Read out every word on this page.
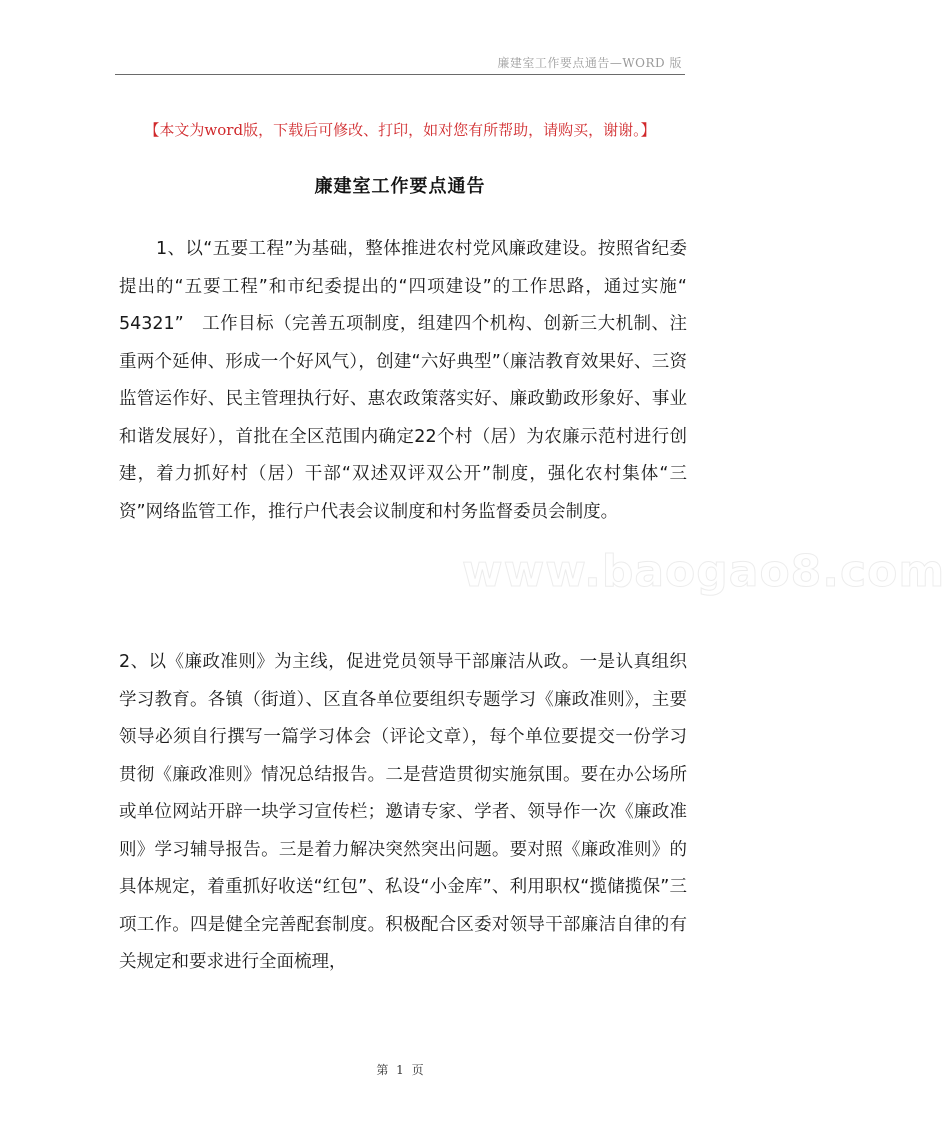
廉建室工作要点通告—WORD 版
【本文为word版，下载后可修改、打印，如对您有所帮助，请购买，谢谢。】
廉建室工作要点通告
1、以“五要工程”为基础，整体推进农村党风廉政建设。按照省纪委提出的“五要工程”和市纪委提出的“四项建设”的工作思路，通过实施“　54321”　工作目标（完善五项制度，组建四个机构、创新三大机制、注重两个延伸、形成一个好风气），创建“六好典型”（廉洁教育效果好、三资监管运作好、民主管理执行好、惠农政策落实好、廉政勤政形象好、事业和谐发展好），首批在全区范围内确定22个村（居）为农廉示范村进行创建，着力抓好村（居）干部“双述双评双公开”制度，强化农村集体“三资”网络监管工作，推行户代表会议制度和村务监督委员会制度。
2、以《廉政准则》为主线，促进党员领导干部廉洁从政。一是认真组织学习教育。各镇（街道）、区直各单位要组织专题学习《廉政准则》，主要领导必须自行撰写一篇学习体会（评论文章），每个单位要提交一份学习贯彻《廉政准则》情况总结报告。二是营造贯彻实施氛围。要在办公场所或单位网站开辟一块学习宣传栏；邀请专家、学者、领导作一次《廉政准则》学习辅导报告。三是着力解决突然突出问题。要对照《廉政准则》的具体规定，着重抓好收送“红包”、私设“小金库”、利用职权“揽储揽保”三项工作。四是健全完善配套制度。积极配合区委对领导干部廉洁自律的有关规定和要求进行全面梳理，
www.baogao8.com
第 1 页
